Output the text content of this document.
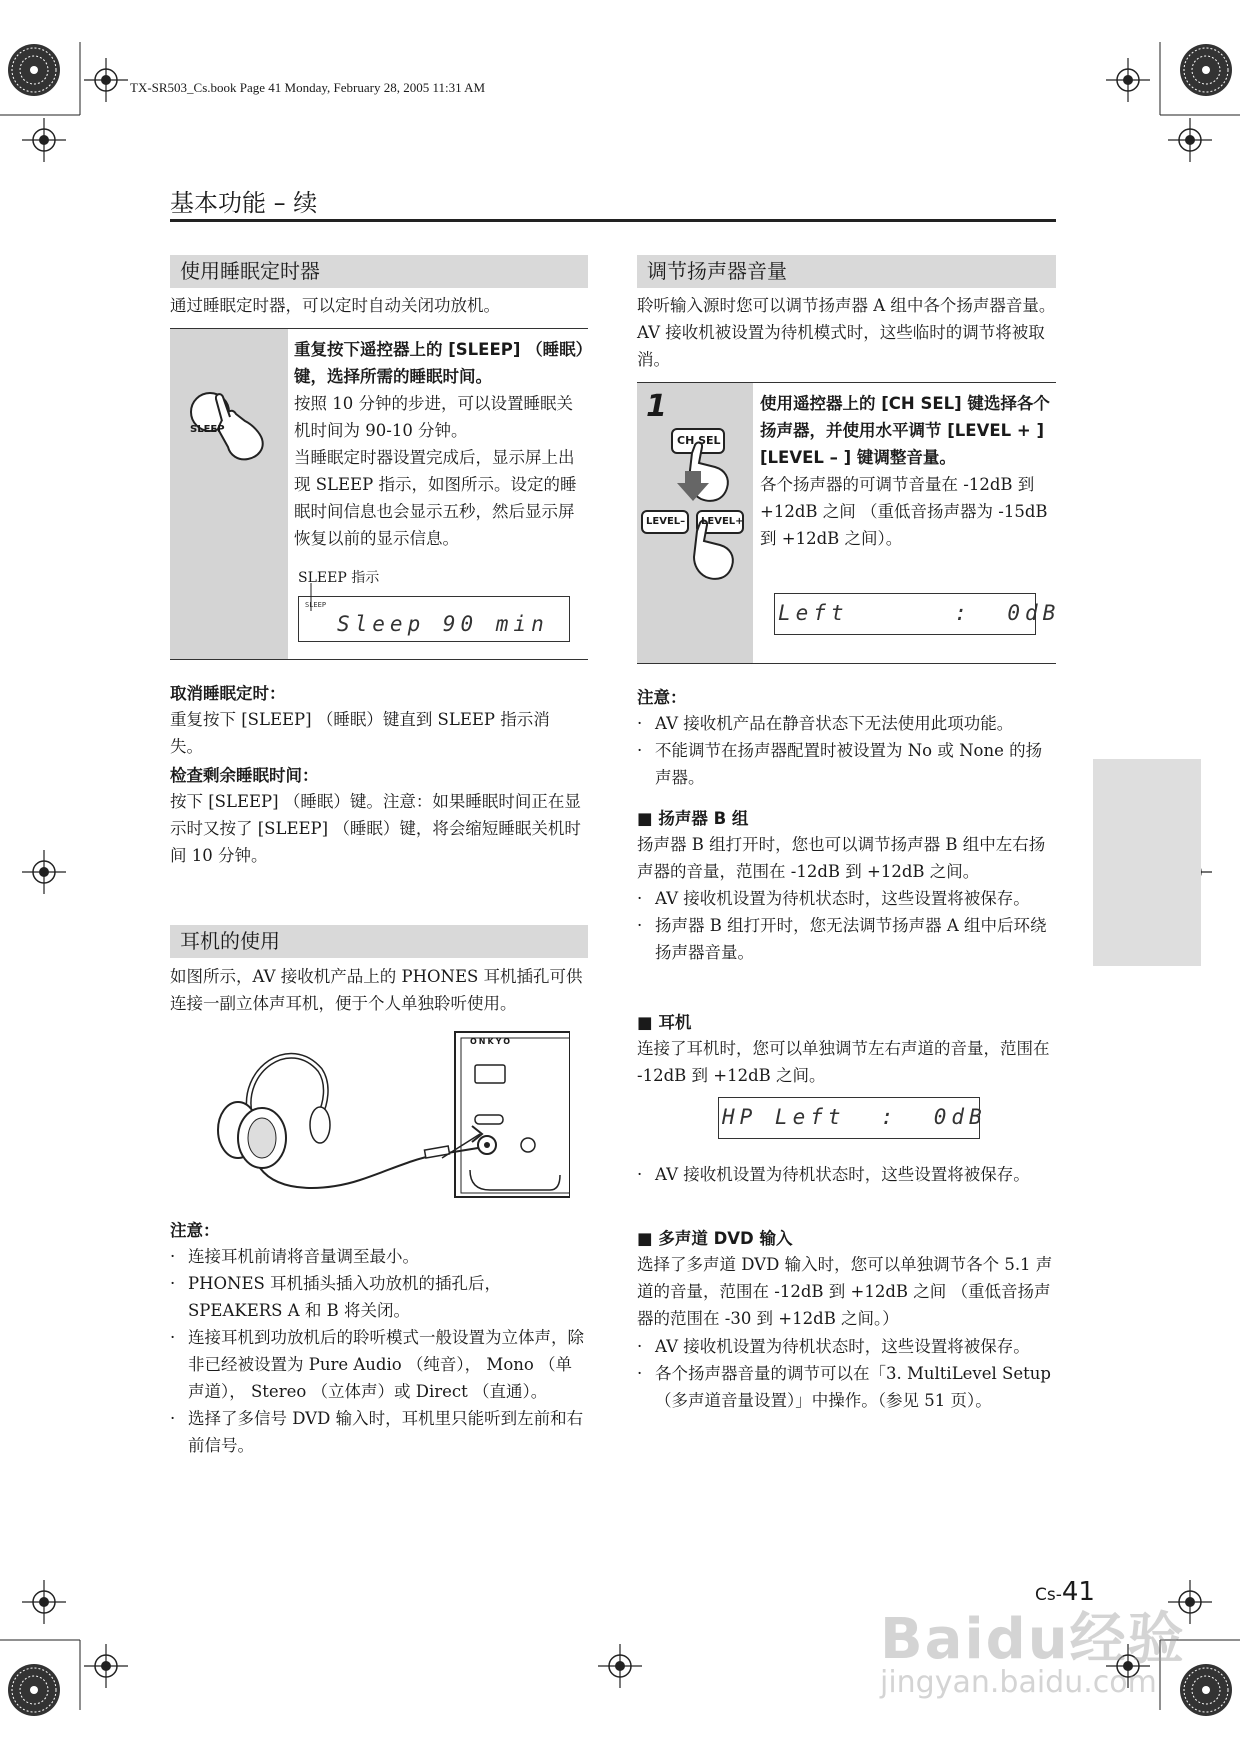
TX-SR503_Cs.book Page 41 Monday, February 28, 2005 11:31 AM
基本功能 – 续
使用睡眠定时器

通过睡眠定时器，可以定时自动关闭功放机。

SLEEP

重复按下遥控器上的 [SLEEP] （睡眠）键，选择所需的睡眠时间。

按照 10 分钟的步进，可以设置睡眠关机时间为 90-10 分钟。

当睡眠定时器设置完成后，显示屏上出现 SLEEP 指示，如图所示。设定的睡眠时间信息也会显示五秒，然后显示屏恢复以前的显示信息。

SLEEP 指示

SLEEP

Sleep 90 min

取消睡眠定时：

重复按下 [SLEEP] （睡眠）键直到 SLEEP 指示消失。

检查剩余睡眠时间：

按下 [SLEEP] （睡眠）键。注意：如果睡眠时间正在显示时又按了 [SLEEP] （睡眠）键，将会缩短睡眠关机时间 10 分钟。

耳机的使用

如图所示，AV 接收机产品上的 PHONES 耳机插孔可供连接一副立体声耳机，便于个人单独聆听使用。

ONKYO

注意：

· 连接耳机前请将音量调至最小。
· PHONES 耳机插头插入功放机的插孔后，SPEAKERS A 和 B 将关闭。
· 连接耳机到功放机后的聆听模式一般设置为立体声，除非已经被设置为 Pure Audio （纯音）， Mono （单声道）， Stereo （立体声）或 Direct （直通）。
· 选择了多信号 DVD 输入时，耳机里只能听到左前和右前信号。
调节扬声器音量

聆听输入源时您可以调节扬声器 A 组中各个扬声器音量。AV 接收机被设置为待机模式时，这些临时的调节将被取消。

1
CH SEL
LEVEL– LEVEL+

使用遥控器上的 [CH SEL] 键选择各个扬声器，并使用水平调节 [LEVEL + ][LEVEL – ] 键调整音量。

各个扬声器的可调节音量在 -12dB 到 +12dB 之间 （重低音扬声器为 -15dB 到 +12dB 之间）。

Left      :  0dB

注意：

· AV 接收机产品在静音状态下无法使用此项功能。
· 不能调节在扬声器配置时被设置为 No 或 None 的扬声器。

■ 扬声器 B 组

扬声器 B 组打开时，您也可以调节扬声器 B 组中左右扬声器的音量，范围在 -12dB 到 +12dB 之间。

· AV 接收机设置为待机状态时，这些设置将被保存。
· 扬声器 B 组打开时，您无法调节扬声器 A 组中后环绕扬声器音量。

■ 耳机

连接了耳机时，您可以单独调节左右声道的音量，范围在 -12dB 到 +12dB 之间。

HP Left  :  0dB

· AV 接收机设置为待机状态时，这些设置将被保存。

■ 多声道 DVD 输入

选择了多声道 DVD 输入时，您可以单独调节各个 5.1 声道的音量，范围在 -12dB 到 +12dB 之间 （重低音扬声器的范围在 -30 到 +12dB 之间。）

· AV 接收机设置为待机状态时，这些设置将被保存。
· 各个扬声器音量的调节可以在「3. MultiLevel Setup （多声道音量设置）」中操作。（参见 51 页）。
Cs-41
Baidu经验
jingyan.baidu.com
